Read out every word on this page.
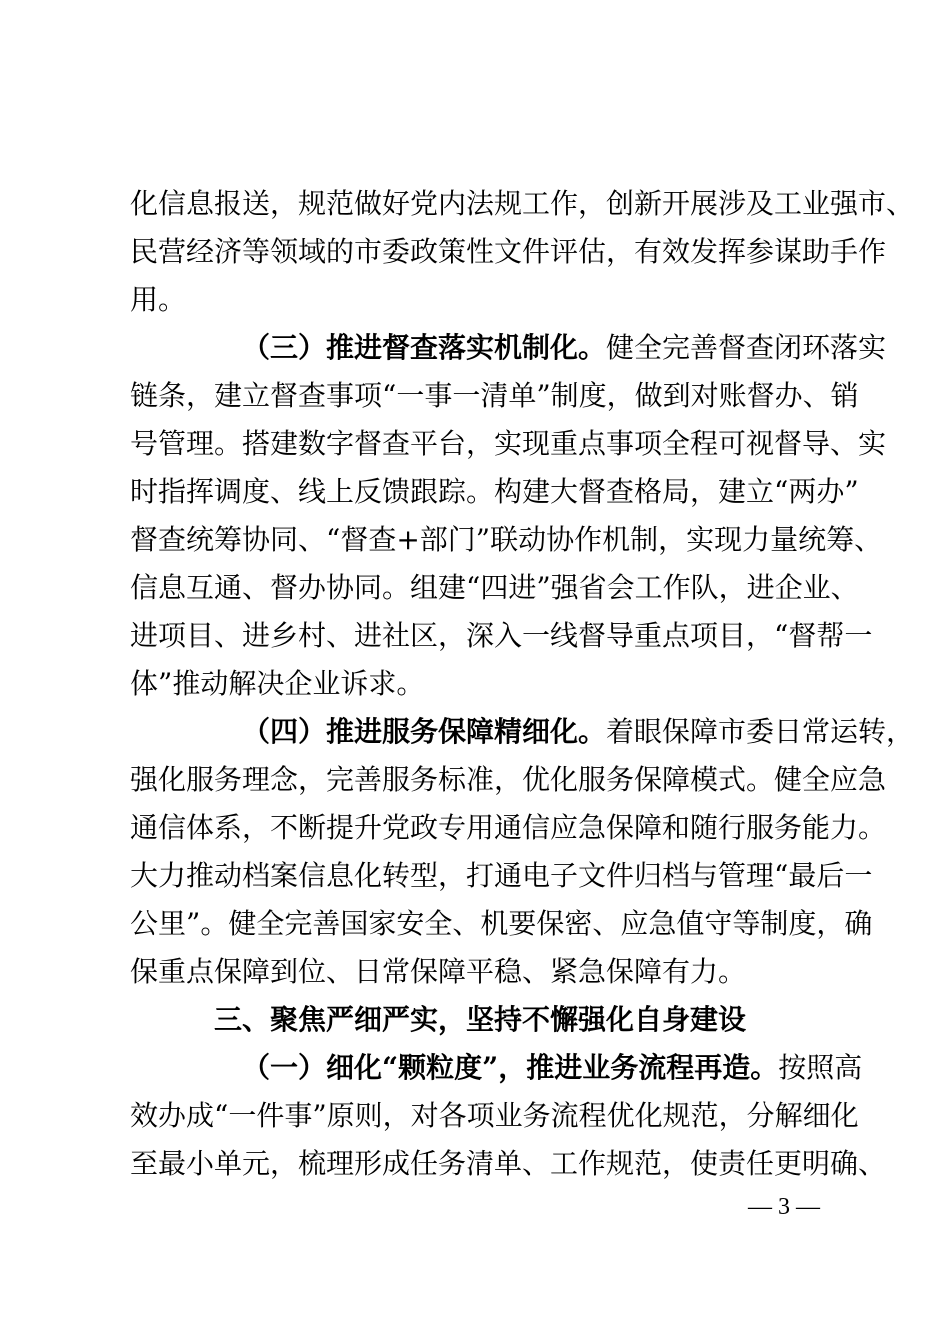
化信息报送，规范做好党内法规工作，创新开展涉及工业强市、
民营经济等领域的市委政策性文件评估，有效发挥参谋助手作
用。
（三）推进督查落实机制化。健全完善督查闭环落实
链条，建立督查事项“一事一清单”制度，做到对账督办、销
号管理。搭建数字督查平台，实现重点事项全程可视督导、实
时指挥调度、线上反馈跟踪。构建大督查格局，建立“两办”
督查统筹协同、“督查+部门”联动协作机制，实现力量统筹、
信息互通、督办协同。组建“四进”强省会工作队，进企业、
进项目、进乡村、进社区，深入一线督导重点项目，“督帮一
体”推动解决企业诉求。
（四）推进服务保障精细化。着眼保障市委日常运转，
强化服务理念，完善服务标准，优化服务保障模式。健全应急
通信体系，不断提升党政专用通信应急保障和随行服务能力。
大力推动档案信息化转型，打通电子文件归档与管理“最后一
公里”。健全完善国家安全、机要保密、应急值守等制度，确
保重点保障到位、日常保障平稳、紧急保障有力。
三、聚焦严细严实，坚持不懈强化自身建设
（一）细化“颗粒度”，推进业务流程再造。按照高
效办成“一件事”原则，对各项业务流程优化规范，分解细化
至最小单元，梳理形成任务清单、工作规范，使责任更明确、
— 3 —
